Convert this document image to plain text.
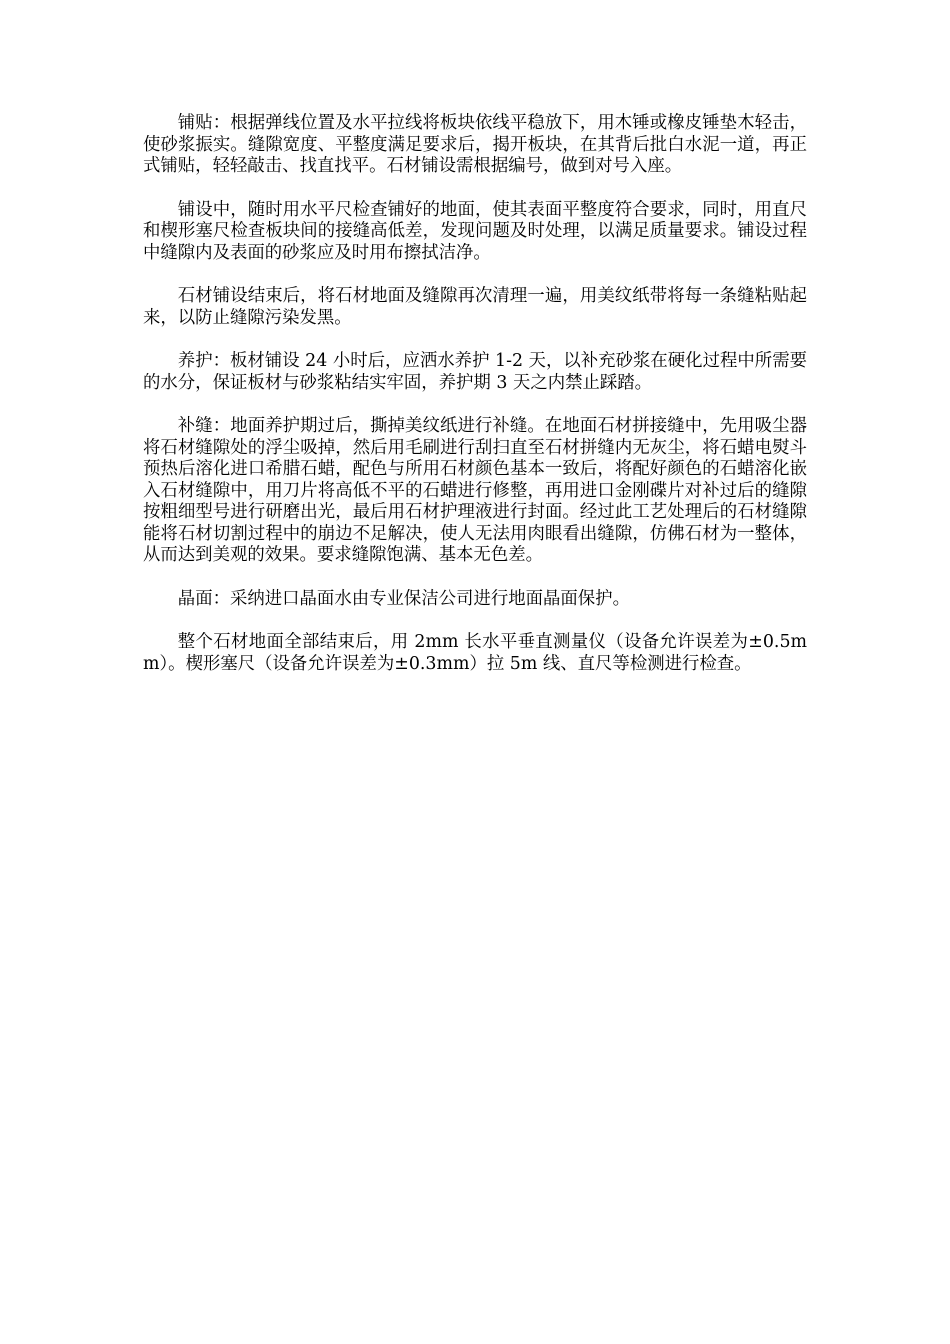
铺贴：根据弹线位置及水平拉线将板块依线平稳放下，用木锤或橡皮锤垫木轻击，使砂浆振实。缝隙宽度、平整度满足要求后，揭开板块，在其背后批白水泥一道，再正式铺贴，轻轻敲击、找直找平。石材铺设需根据编号，做到对号入座。

铺设中，随时用水平尺检查铺好的地面，使其表面平整度符合要求，同时，用直尺和楔形塞尺检查板块间的接缝高低差，发现问题及时处理，以满足质量要求。铺设过程中缝隙内及表面的砂浆应及时用布擦拭洁净。

石材铺设结束后，将石材地面及缝隙再次清理一遍，用美纹纸带将每一条缝粘贴起来，以防止缝隙污染发黑。

养护：板材铺设 24 小时后，应洒水养护 1-2 天，以补充砂浆在硬化过程中所需要的水分，保证板材与砂浆粘结实牢固，养护期 3 天之内禁止踩踏。

补缝：地面养护期过后，撕掉美纹纸进行补缝。在地面石材拼接缝中，先用吸尘器将石材缝隙处的浮尘吸掉，然后用毛刷进行刮扫直至石材拼缝内无灰尘，将石蜡电熨斗预热后溶化进口希腊石蜡，配色与所用石材颜色基本一致后，将配好颜色的石蜡溶化嵌入石材缝隙中，用刀片将高低不平的石蜡进行修整，再用进口金刚碟片对补过后的缝隙按粗细型号进行研磨出光，最后用石材护理液进行封面。经过此工艺处理后的石材缝隙能将石材切割过程中的崩边不足解决，使人无法用肉眼看出缝隙，仿佛石材为一整体，从而达到美观的效果。要求缝隙饱满、基本无色差。

晶面：采纳进口晶面水由专业保洁公司进行地面晶面保护。

整个石材地面全部结束后，用 2mm 长水平垂直测量仪（设备允许误差为±0.5mm）。楔形塞尺（设备允许误差为±0.3mm）拉 5m 线、直尺等检测进行检查。
